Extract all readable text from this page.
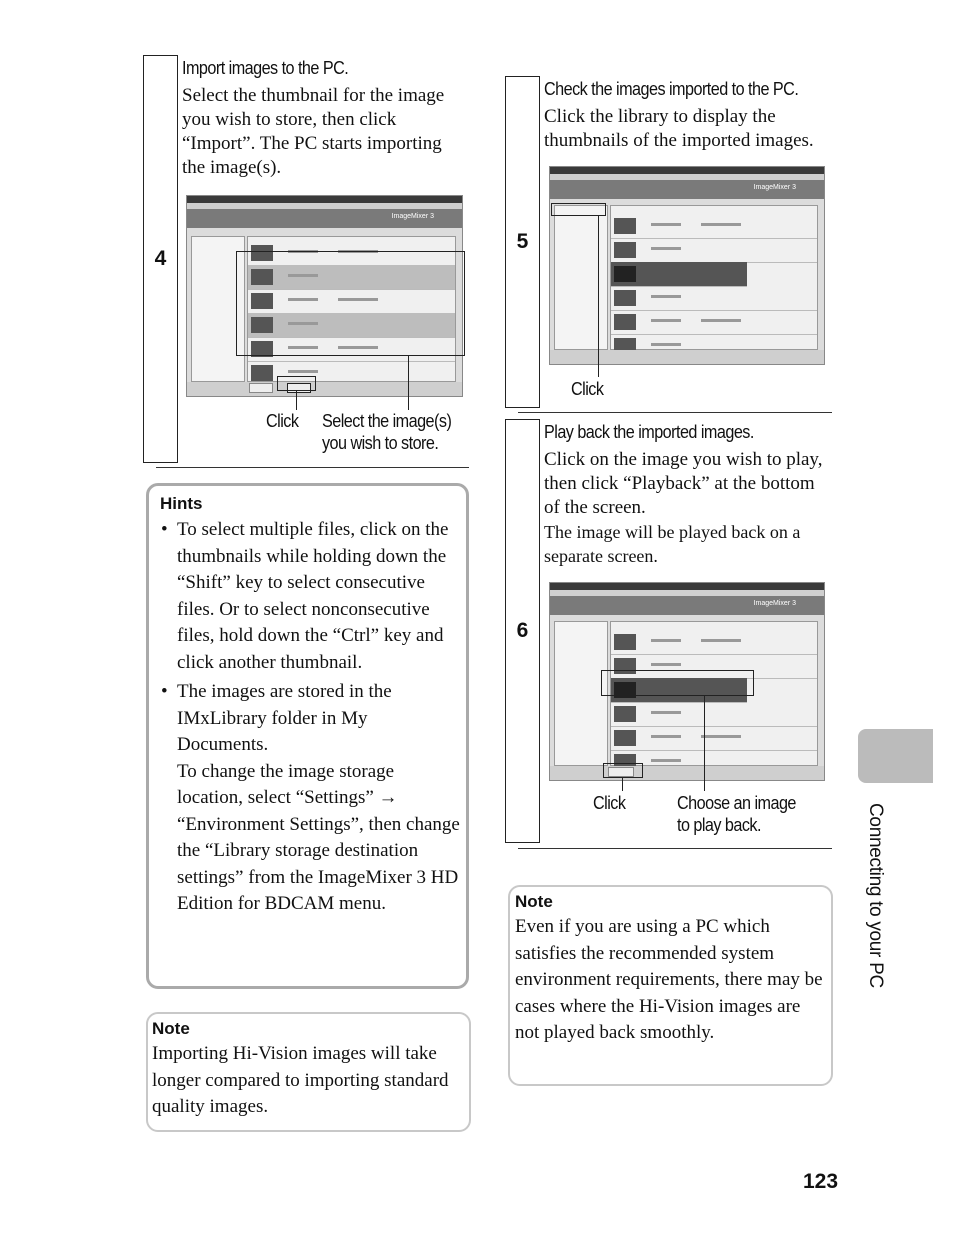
4
Import images to the PC.
Select the thumbnail for the image you wish to store, then click “Import”. The PC starts importing the image(s).
ImageMixer 3
Click Select the image(s)
you wish to store.
Hints
• To select multiple files, click on the thumbnails while holding down the “Shift” key to select consecutive files. Or to select nonconsecutive files, hold down the “Ctrl” key and click another thumbnail.
• The images are stored in the IMxLibrary folder in My Documents.
To change the image storage location, select “Settings” → “Environment Settings”, then change the “Library storage destination settings” from the ImageMixer 3 HD Edition for BDCAM menu.
Note
Importing Hi-Vision images will take longer compared to importing standard quality images.
5
Check the images imported to the PC.
Click the library to display the thumbnails of the imported images.
ImageMixer 3
Click
6
Play back the imported images.
Click on the image you wish to play, then click “Playback” at the bottom of the screen.
The image will be played back on a separate screen.
ImageMixer 3
Click	Choose an image
to play back.
Note
Even if you are using a PC which satisfies the recommended system environment requirements, there may be cases where the Hi-Vision images are not played back smoothly.
Connecting to your PC
123
